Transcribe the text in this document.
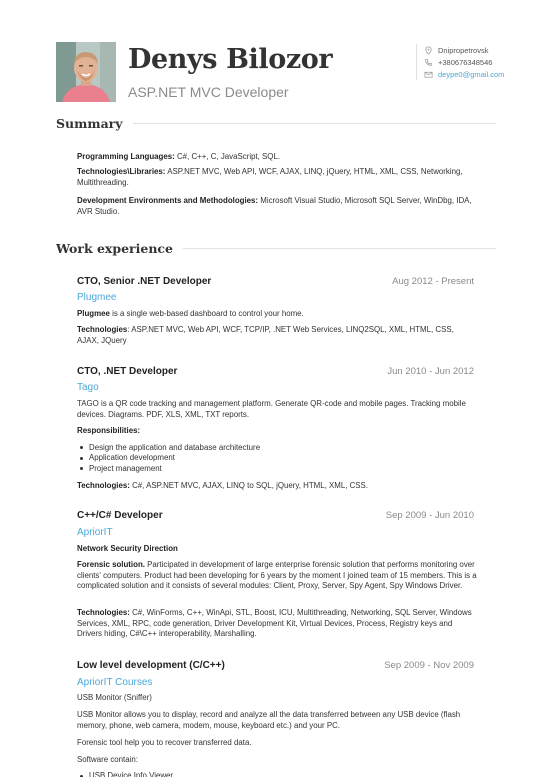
Denys Bilozor
ASP.NET MVC Developer
Dnipropetrovsk
+380676348546
deype0@gmail.com
Summary

Programming Languages: C#, C++, C, JavaScript, SQL.

Technologies\Libraries: ASP.NET MVC, Web API, WCF, AJAX, LINQ, jQuery, HTML, XML, CSS, Networking, Multithreading.

Development Environments and Methodologies: Microsoft Visual Studio, Microsoft SQL Server, WinDbg, IDA, AVR Studio.

Work experience
CTO, Senior .NET Developer	Aug 2012 - Present
Plugmee

Plugmee is a single web-based dashboard to control your home.

Technologies: ASP.NET MVC, Web API, WCF, TCP/IP, .NET Web Services, LINQ2SQL, XML, HTML, CSS, AJAX, JQuery

CTO, .NET Developer	Jun 2010 - Jun 2012
Tago

TAGO is a QR code tracking and management platform. Generate QR-code and mobile pages. Tracking mobile devices. Diagrams. PDF, XLS, XML, TXT reports.

Responsibilities:

Design the application and database architecture
Application development
Project management

Technologies: C#, ASP.NET MVC, AJAX, LINQ to SQL, jQuery, HTML, XML, CSS.

C++/C# Developer	Sep 2009 - Jun 2010
ApriorIT

Network Security Direction

Forensic solution. Participated in development of large enterprise forensic solution that performs monitoring over clients' computers. Product had been developing for 6 years by the moment I joined team of 15 members. This is a complicated solution and it consists of several modules: Client, Proxy, Server, Spy Agent, Spy Windows Driver.

Technologies: C#, WinForms, C++, WinApi, STL, Boost, ICU, Multithreading, Networking, SQL Server, Windows Services, XML, RPC, code generation, Driver Development Kit, Virtual Devices, Process, Registry keys and Drivers hiding, C#\C++ interoperability, Marshalling.

Low level development (C/C++)	Sep 2009 - Nov 2009
ApriorIT Courses

USB Monitor (Sniffer)

USB Monitor allows you to display, record and analyze all the data transferred between any USB device (flash memory, phone, web camera, modem, mouse, keyboard etc.) and your PC.

Forensic tool help you to recover transferred data.

Software contain:

USB Device Info Viewer
